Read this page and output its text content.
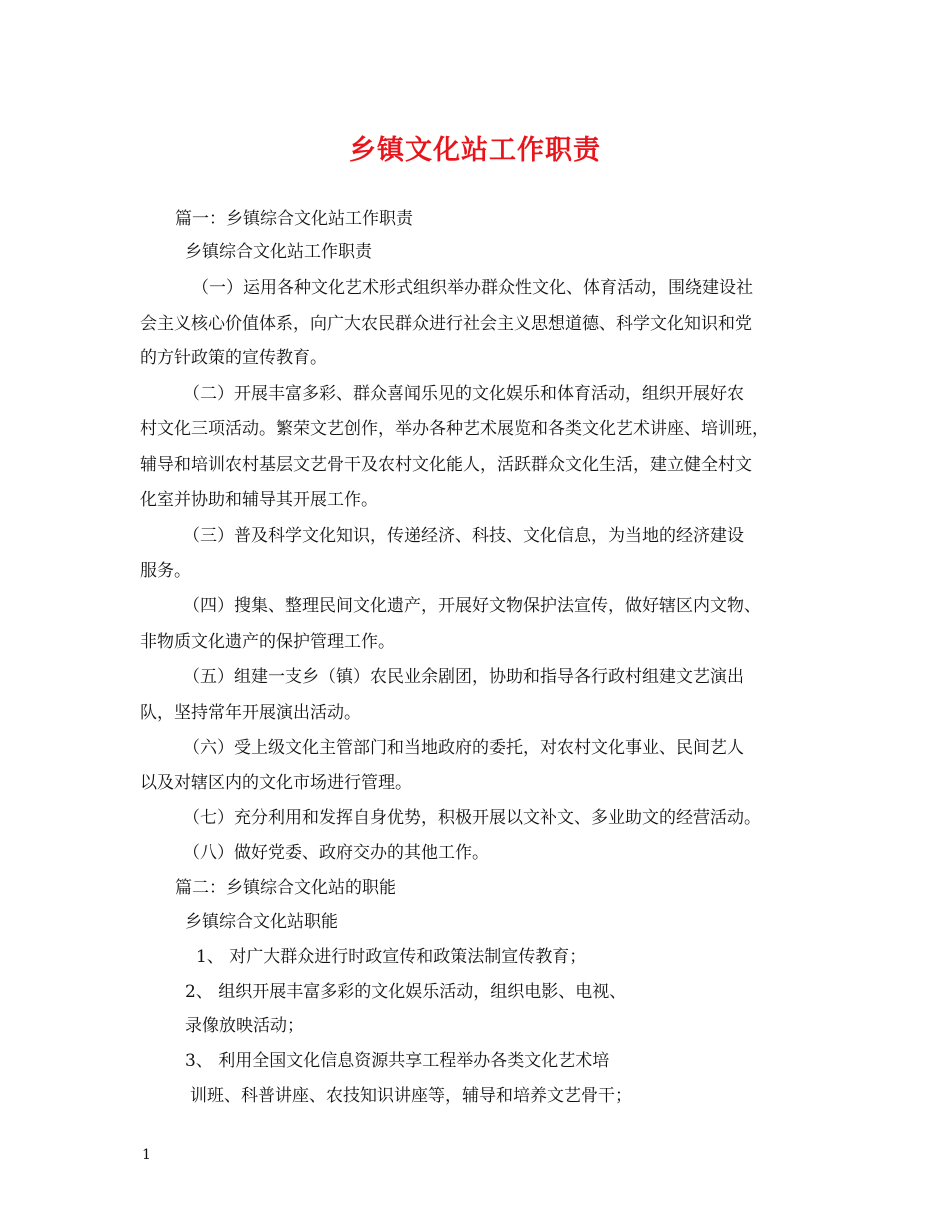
乡镇文化站工作职责
篇一：乡镇综合文化站工作职责
乡镇综合文化站工作职责
（一）运用各种文化艺术形式组织举办群众性文化、体育活动，围绕建设社
会主义核心价值体系，向广大农民群众进行社会主义思想道德、科学文化知识和党
的方针政策的宣传教育。
（二）开展丰富多彩、群众喜闻乐见的文化娱乐和体育活动，组织开展好农
村文化三项活动。繁荣文艺创作，举办各种艺术展览和各类文化艺术讲座、培训班，
辅导和培训农村基层文艺骨干及农村文化能人，活跃群众文化生活，建立健全村文
化室并协助和辅导其开展工作。
（三）普及科学文化知识，传递经济、科技、文化信息，为当地的经济建设
服务。
（四）搜集、整理民间文化遗产，开展好文物保护法宣传，做好辖区内文物、
非物质文化遗产的保护管理工作。
（五）组建一支乡（镇）农民业余剧团，协助和指导各行政村组建文艺演出
队，坚持常年开展演出活动。
（六）受上级文化主管部门和当地政府的委托，对农村文化事业、民间艺人
以及对辖区内的文化市场进行管理。
（七）充分利用和发挥自身优势，积极开展以文补文、多业助文的经营活动。
（八）做好党委、政府交办的其他工作。
篇二：乡镇综合文化站的职能
乡镇综合文化站职能
1、 对广大群众进行时政宣传和政策法制宣传教育；
2、 组织开展丰富多彩的文化娱乐活动，组织电影、电视、
录像放映活动；
3、 利用全国文化信息资源共享工程举办各类文化艺术培
训班、科普讲座、农技知识讲座等，辅导和培养文艺骨干；
1
